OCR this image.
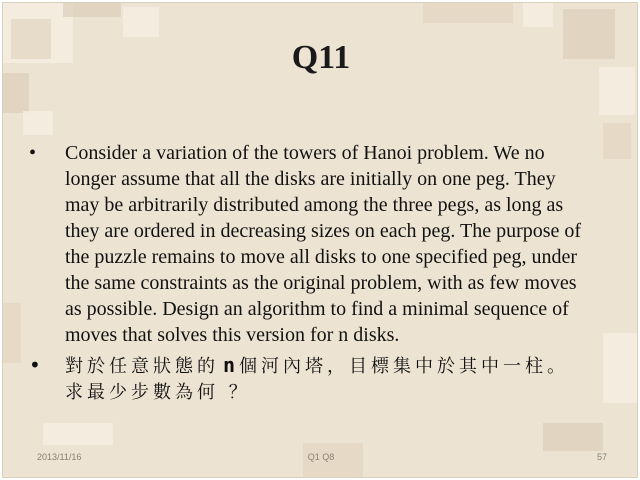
Q11
•	Consider a variation of the towers of Hanoi problem. We no longer assume that all the disks are initially on one peg. They may be arbitrarily distributed among the three pegs, as long as they are ordered in decreasing sizes on each peg. The purpose of the puzzle remains to move all disks to one specified peg, under the same constraints as the original problem, with as few moves as possible. Design an algorithm to find a minimal sequence of moves that solves this version for n disks.
• 對於任意狀態的 n 個河內塔，目標集中於其中一柱。
求最少步數為何 ？
2013/11/16	Q1 Q8	57
